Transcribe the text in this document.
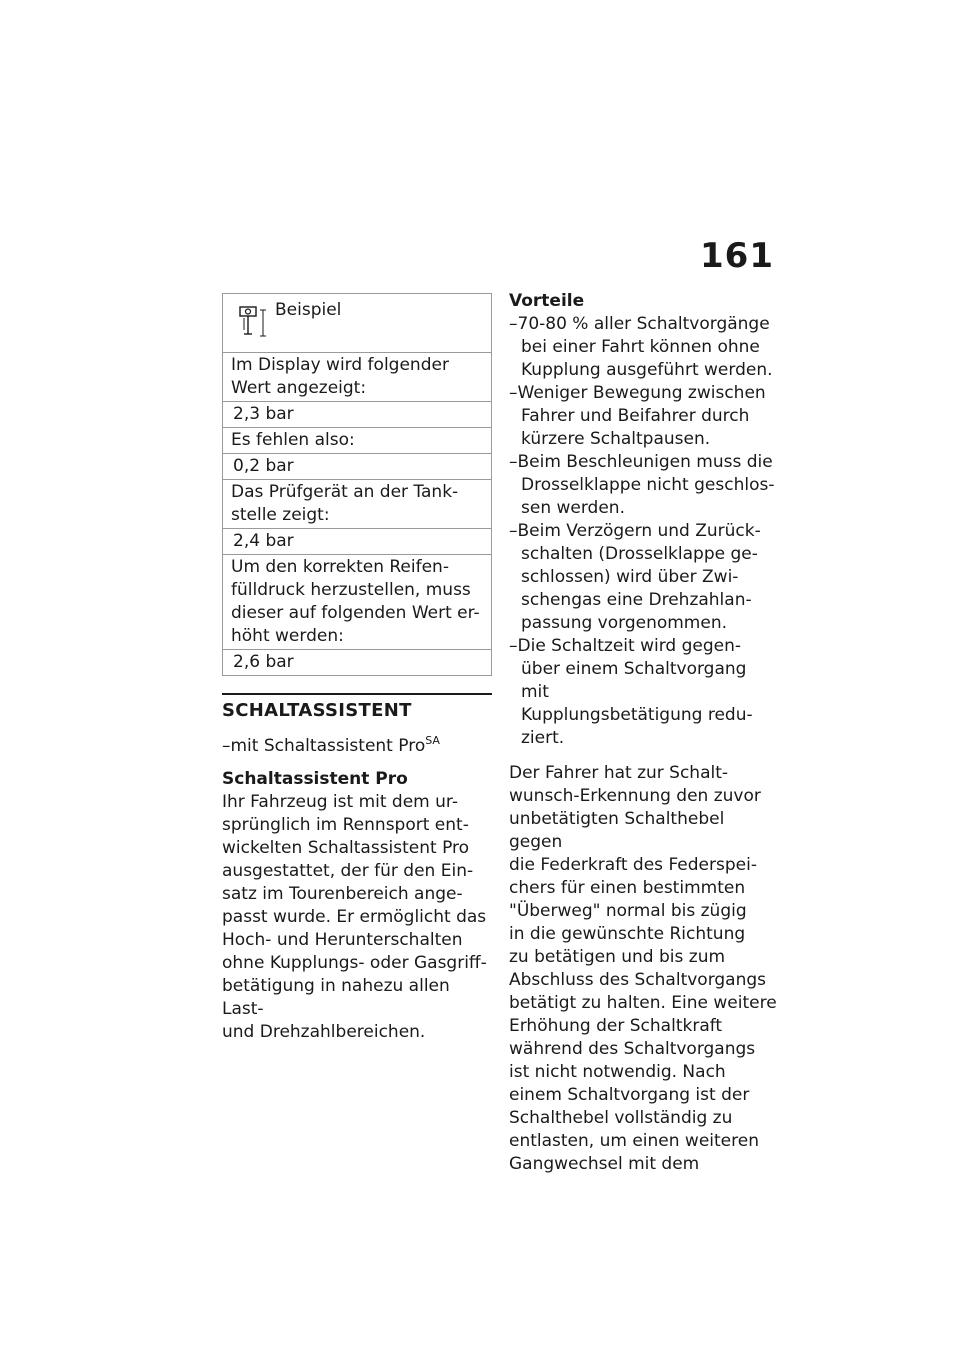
161
Beispiel
Im Display wird folgender
Wert angezeigt:
2,3 bar
Es fehlen also:
0,2 bar
Das Prüfgerät an der Tank-
stelle zeigt:
2,4 bar
Um den korrekten Reifen-
fülldruck herzustellen, muss
dieser auf folgenden Wert er-
höht werden:
2,6 bar
SCHALTASSISTENT
–mit Schaltassistent Pro$^{SA}$
Schaltassistent Pro

Ihr Fahrzeug ist mit dem ur-
sprünglich im Rennsport ent-
wickelten Schaltassistent Pro
ausgestattet, der für den Ein-
satz im Tourenbereich ange-
passt wurde. Er ermöglicht das
Hoch- und Herunterschalten
ohne Kupplungs- oder Gasgriff-
betätigung in nahezu allen Last-
und Drehzahlbereichen.

Vorteile
–70-80 % aller Schaltvorgänge
bei einer Fahrt können ohne
Kupplung ausgeführt werden.
–Weniger Bewegung zwischen
Fahrer und Beifahrer durch
kürzere Schaltpausen.
–Beim Beschleunigen muss die
Drosselklappe nicht geschlos-
sen werden.
–Beim Verzögern und Zurück-
schalten (Drosselklappe ge-
schlossen) wird über Zwi-
schengas eine Drehzahlan-
passung vorgenommen.
–Die Schaltzeit wird gegen-
über einem Schaltvorgang mit
Kupplungsbetätigung redu-
ziert.
Der Fahrer hat zur Schalt-
wunsch-Erkennung den zuvor
unbetätigten Schalthebel gegen
die Federkraft des Federspei-
chers für einen bestimmten
"Überweg" normal bis zügig
in die gewünschte Richtung
zu betätigen und bis zum
Abschluss des Schaltvorgangs
betätigt zu halten. Eine weitere
Erhöhung der Schaltkraft
während des Schaltvorgangs
ist nicht notwendig. Nach
einem Schaltvorgang ist der
Schalthebel vollständig zu
entlasten, um einen weiteren
Gangwechsel mit dem
